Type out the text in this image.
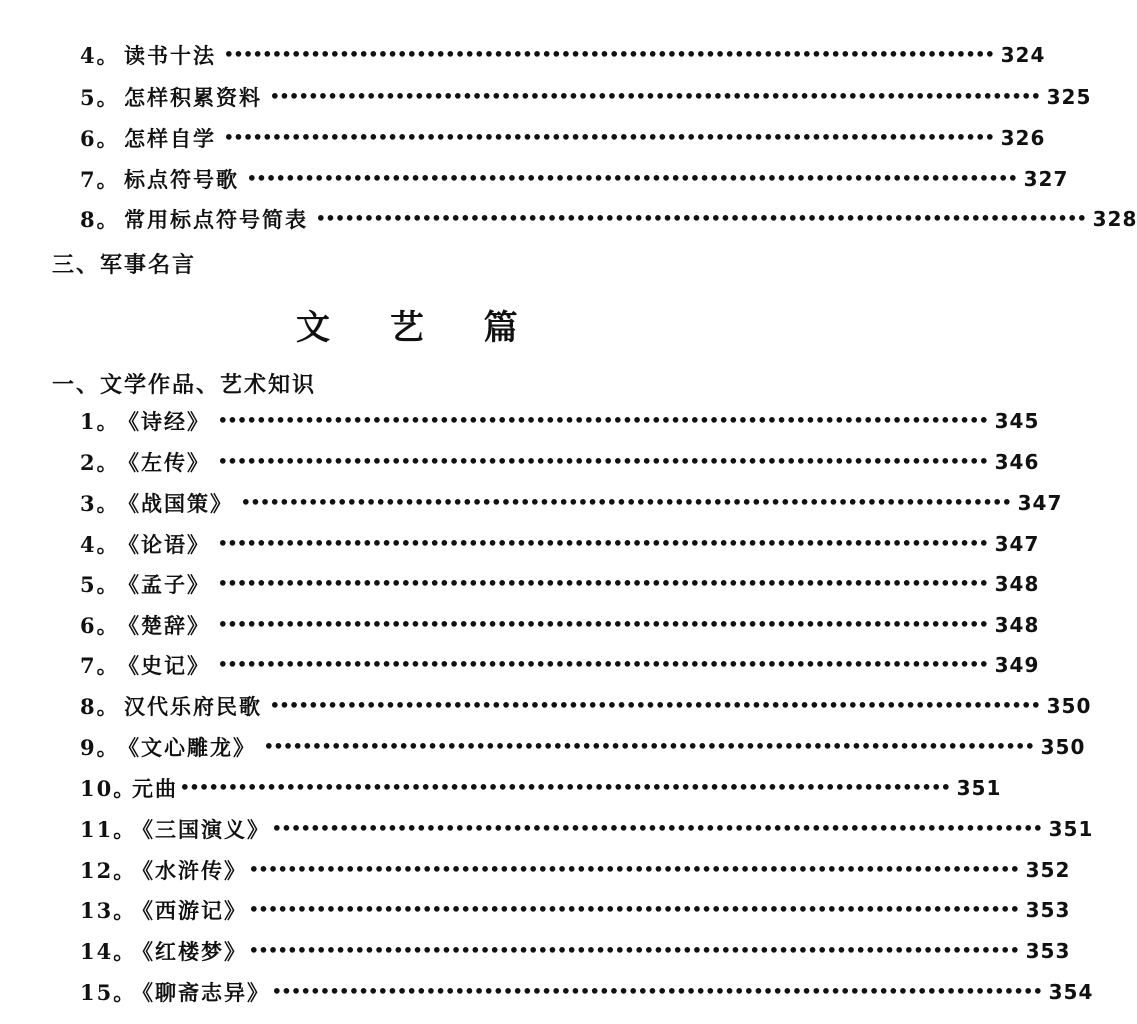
4。 读书十法 •••••••••••••••••••••••••••••••••••••••••••••••••••••••••••••••••••••••••••••••• 324
5。 怎样积累资料 •••••••••••••••••••••••••••••••••••••••••••••••••••••••••••••••••••••••••••••••• 325
6。 怎样自学 •••••••••••••••••••••••••••••••••••••••••••••••••••••••••••••••••••••••••••••••• 326
7。 标点符号歌 •••••••••••••••••••••••••••••••••••••••••••••••••••••••••••••••••••••••••••••••• 327
8。 常用标点符号简表 •••••••••••••••••••••••••••••••••••••••••••••••••••••••••••••••••••••••••••••••• 328
三、军事名言
文 艺 篇
一、文学作品、艺术知识
1。
《诗经》 •••••••••••••••••••••••••••••••••••••••••••••••••••••••••••••••••••••••••••••••• 345
2。
《左传》 •••••••••••••••••••••••••••••••••••••••••••••••••••••••••••••••••••••••••••••••• 346
3。
《战国策》 •••••••••••••••••••••••••••••••••••••••••••••••••••••••••••••••••••••••••••••••• 347
4。
《论语》 •••••••••••••••••••••••••••••••••••••••••••••••••••••••••••••••••••••••••••••••• 347
5。
《孟子》 •••••••••••••••••••••••••••••••••••••••••••••••••••••••••••••••••••••••••••••••• 348
6。
《楚辞》 •••••••••••••••••••••••••••••••••••••••••••••••••••••••••••••••••••••••••••••••• 348
7。
《史记》 •••••••••••••••••••••••••••••••••••••••••••••••••••••••••••••••••••••••••••••••• 349
8。 汉代乐府民歌 •••••••••••••••••••••••••••••••••••••••••••••••••••••••••••••••••••••••••••••••• 350
9。
《文心雕龙》 •••••••••••••••••••••••••••••••••••••••••••••••••••••••••••••••••••••••••••••••• 350
10。
元曲 •••••••••••••••••••••••••••••••••••••••••••••••••••••••••••••••••••••••••••••••• 351
11。
《三国演义》 •••••••••••••••••••••••••••••••••••••••••••••••••••••••••••••••••••••••••••••••• 351
12。
《水浒传》 •••••••••••••••••••••••••••••••••••••••••••••••••••••••••••••••••••••••••••••••• 352
13。
《西游记》 •••••••••••••••••••••••••••••••••••••••••••••••••••••••••••••••••••••••••••••••• 353
14。
《红楼梦》 •••••••••••••••••••••••••••••••••••••••••••••••••••••••••••••••••••••••••••••••• 353
15。
《聊斋志异》 •••••••••••••••••••••••••••••••••••••••••••••••••••••••••••••••••••••••••••••••• 354
